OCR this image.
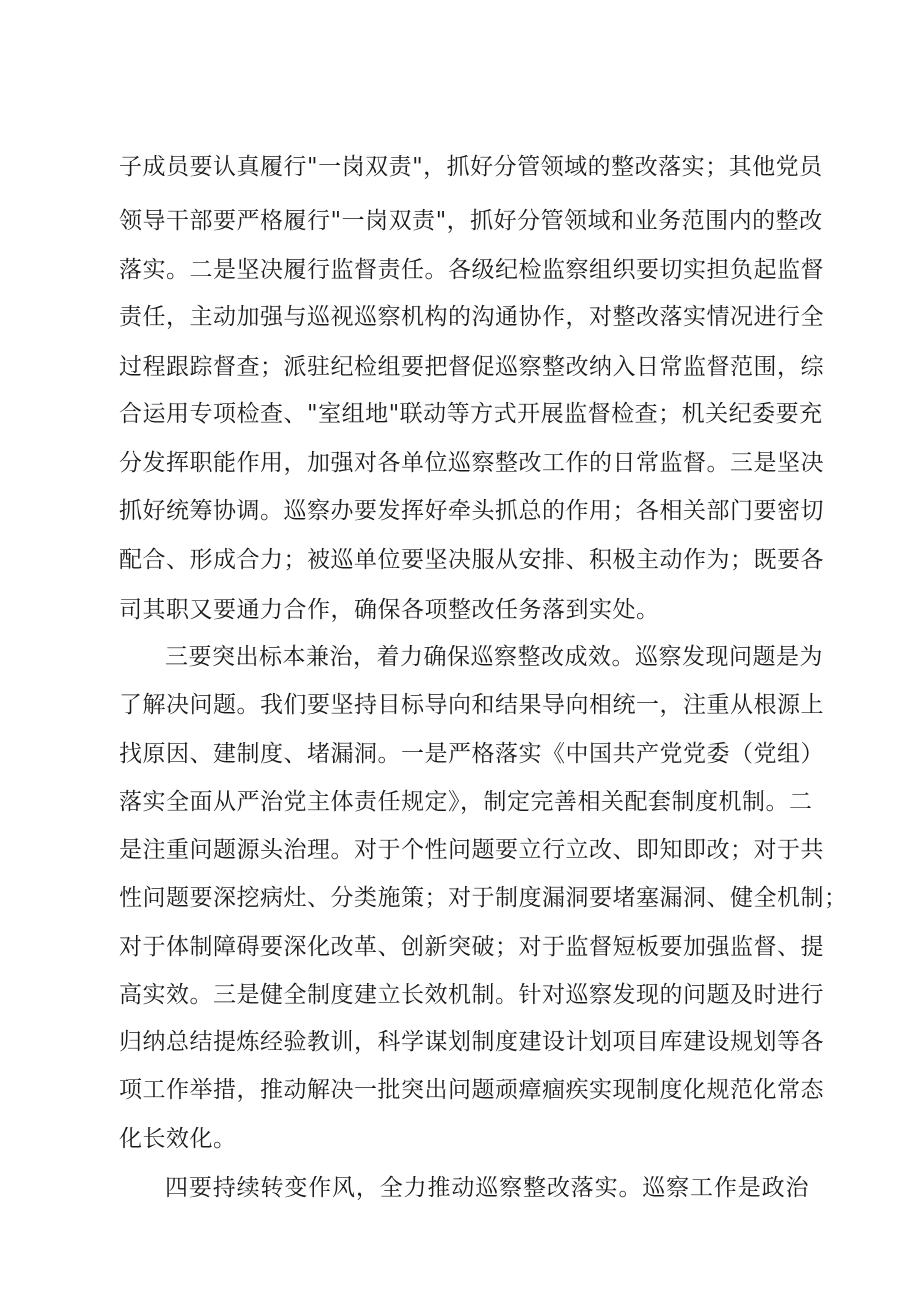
子成员要认真履行"一岗双责"，抓好分管领域的整改落实；其他党员
领导干部要严格履行"一岗双责"，抓好分管领域和业务范围内的整改
落实。二是坚决履行监督责任。各级纪检监察组织要切实担负起监督
责任，主动加强与巡视巡察机构的沟通协作，对整改落实情况进行全
过程跟踪督查；派驻纪检组要把督促巡察整改纳入日常监督范围，综
合运用专项检查、"室组地"联动等方式开展监督检查；机关纪委要充
分发挥职能作用，加强对各单位巡察整改工作的日常监督。三是坚决
抓好统筹协调。巡察办要发挥好牵头抓总的作用；各相关部门要密切
配合、形成合力；被巡单位要坚决服从安排、积极主动作为；既要各
司其职又要通力合作，确保各项整改任务落到实处。
三要突出标本兼治，着力确保巡察整改成效。巡察发现问题是为
了解决问题。我们要坚持目标导向和结果导向相统一，注重从根源上
找原因、建制度、堵漏洞。一是严格落实《中国共产党党委（党组）
落实全面从严治党主体责任规定》，制定完善相关配套制度机制。二
是注重问题源头治理。对于个性问题要立行立改、即知即改；对于共
性问题要深挖病灶、分类施策；对于制度漏洞要堵塞漏洞、健全机制；
对于体制障碍要深化改革、创新突破；对于监督短板要加强监督、提
高实效。三是健全制度建立长效机制。针对巡察发现的问题及时进行
归纳总结提炼经验教训，科学谋划制度建设计划项目库建设规划等各
项工作举措，推动解决一批突出问题顽瘴痼疾实现制度化规范化常态
化长效化。
四要持续转变作风，全力推动巡察整改落实。巡察工作是政治
